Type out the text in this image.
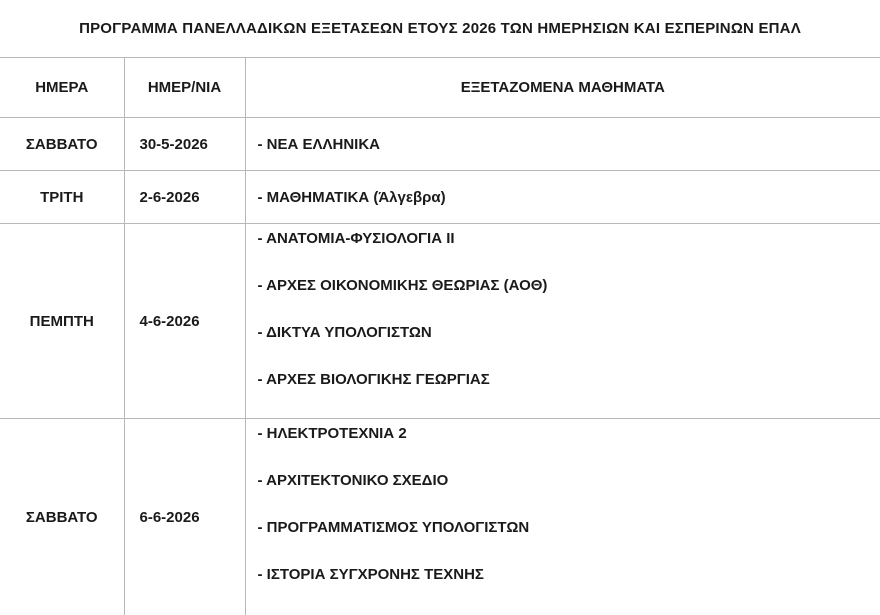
ΠΡΟΓΡΑΜΜΑ ΠΑΝΕΛΛΑΔΙΚΩΝ ΕΞΕΤΑΣΕΩΝ ΕΤΟΥΣ 2026 ΤΩΝ ΗΜΕΡΗΣΙΩΝ ΚΑΙ ΕΣΠΕΡΙΝΩΝ ΕΠΑΛ
ΗΜΕΡΑ	ΗΜΕΡ/ΝΙΑ	ΕΞΕΤΑΖΟΜΕΝΑ ΜΑΘΗΜΑΤΑ
ΣΑΒΒΑΤΟ	30-5-2026	- ΝΕΑ ΕΛΛΗΝΙΚΑ

ΤΡΙΤΗ	2-6-2026	- ΜΑΘΗΜΑΤΙΚΑ (Άλγεβρα)

ΠΕΜΠΤΗ	4-6-2026	- ΑΝΑΤΟΜΙΑ-ΦΥΣΙΟΛΟΓΙΑ ΙΙ
- ΑΡΧΕΣ ΟΙΚΟΝΟΜΙΚΗΣ ΘΕΩΡΙΑΣ (ΑΟΘ)
- ΔΙΚΤΥΑ ΥΠΟΛΟΓΙΣΤΩΝ
- ΑΡΧΕΣ ΒΙΟΛΟΓΙΚΗΣ ΓΕΩΡΓΙΑΣ

ΣΑΒΒΑΤΟ	6-6-2026	- ΗΛΕΚΤΡΟΤΕΧΝΙΑ 2
- ΑΡΧΙΤΕΚΤΟΝΙΚΟ ΣΧΕΔΙΟ
- ΠΡΟΓΡΑΜΜΑΤΙΣΜΟΣ ΥΠΟΛΟΓΙΣΤΩΝ
- ΙΣΤΟΡΙΑ ΣΥΓΧΡΟΝΗΣ ΤΕΧΝΗΣ
